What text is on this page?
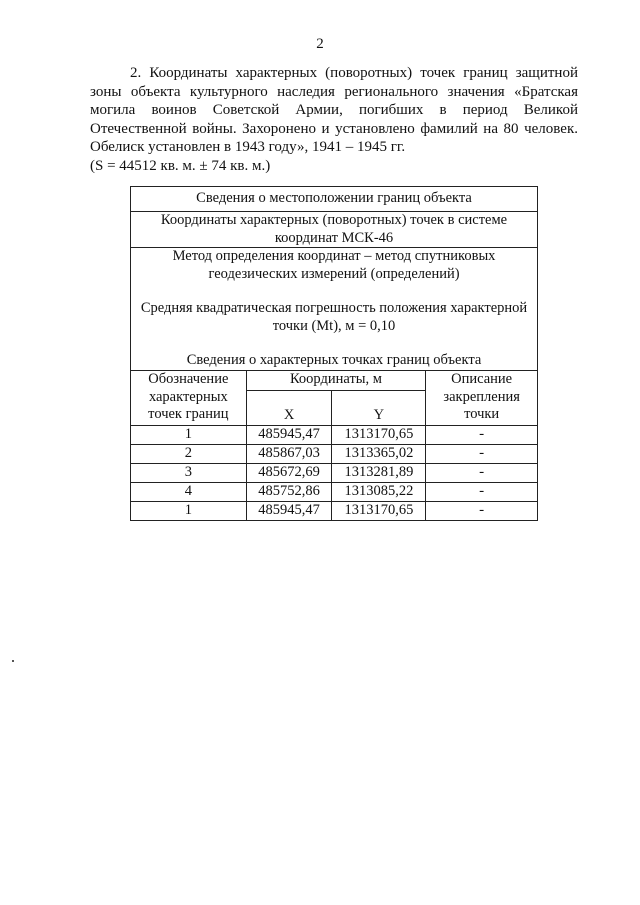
2

2. Координаты характерных (поворотных) точек границ защитной зоны объекта культурного наследия регионального значения «Братская могила воинов Советской Армии, погибших в период Великой Отечественной войны. Захоронено и установлено фамилий на 80 человек. Обелиск установлен в 1943 году», 1941 – 1945 гг.

(S = 44512 кв. м. ± 74 кв. м.)

Сведения о местоположении границ объекта			
Координаты характерных (поворотных) точек в системе координат МСК-46			
Метод определения координат – метод спутниковых геодезических измерений (определений)
Средняя квадратическая погрешность положения характерной точки (Mt), м = 0,10
Сведения о характерных точках границ объекта			
Обозначение характерных точек границ	Координаты, м		Описание закрепления точки
	X	Y	
1	485945,47	1313170,65	-
2	485867,03	1313365,02	-
3	485672,69	1313281,89	-
4	485752,86	1313085,22	-
1	485945,47	1313170,65	-
